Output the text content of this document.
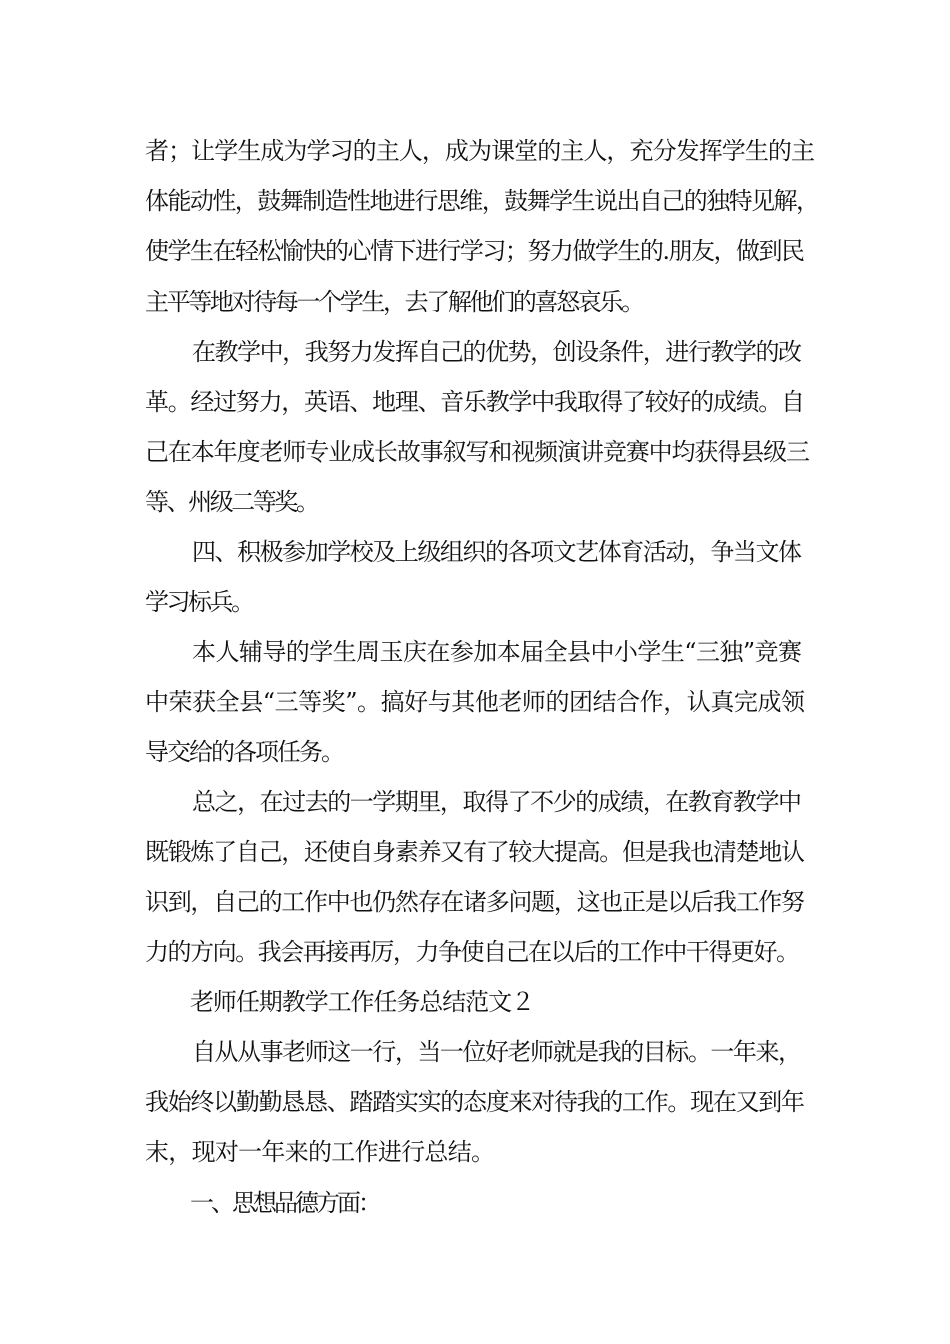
者；让学生成为学习的主人，成为课堂的主人，充分发挥学生的主
体能动性，鼓舞制造性地进行思维，鼓舞学生说出自己的独特见解，
使学生在轻松愉快的心情下进行学习；努力做学生的.朋友，做到民
主平等地对待每一个学生，去了解他们的喜怒哀乐。
在教学中，我努力发挥自己的优势，创设条件，进行教学的改
革。经过努力，英语、地理、音乐教学中我取得了较好的成绩。自
己在本年度老师专业成长故事叙写和视频演讲竞赛中均获得县级三
等、州级二等奖。
四、积极参加学校及上级组织的各项文艺体育活动，争当文体
学习标兵。
本人辅导的学生周玉庆在参加本届全县中小学生“三独”竞赛
中荣获全县“三等奖”。搞好与其他老师的团结合作，认真完成领
导交给的各项任务。
总之，在过去的一学期里，取得了不少的成绩，在教育教学中
既锻炼了自己，还使自身素养又有了较大提高。但是我也清楚地认
识到，自己的工作中也仍然存在诸多问题，这也正是以后我工作努
力的方向。我会再接再厉，力争使自己在以后的工作中干得更好。
老师任期教学工作任务总结范文２
自从从事老师这一行，当一位好老师就是我的目标。一年来，
我始终以勤勤恳恳、踏踏实实的态度来对待我的工作。现在又到年
末，现对一年来的工作进行总结。
一、思想品德方面：
